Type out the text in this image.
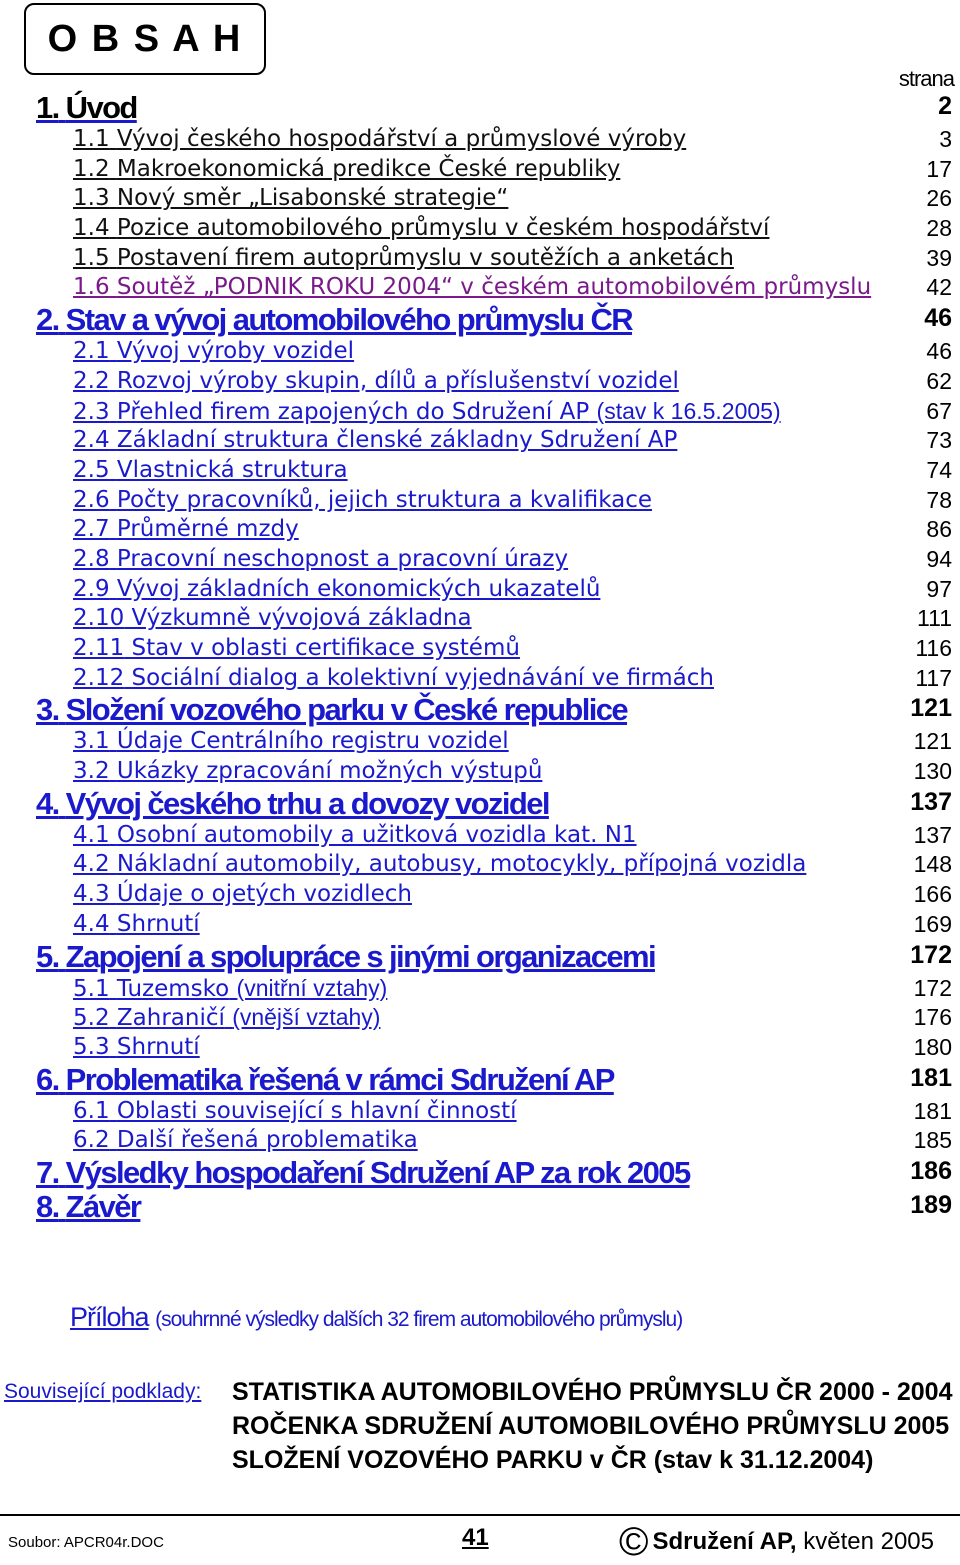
O B S A H
strana
1. Úvod	2
1.1 Vývoj českého hospodářství a průmyslové výroby	3
1.2 Makroekonomická predikce České republiky	17
1.3 Nový směr „Lisabonské strategie“	26
1.4 Pozice automobilového průmyslu v českém hospodářství	28
1.5 Postavení firem autoprůmyslu v soutěžích a anketách	39
1.6 Soutěž „PODNIK ROKU 2004“ v českém automobilovém průmyslu 42
2. Stav a vývoj automobilového průmyslu ČR	46
2.1 Vývoj výroby vozidel	46
2.2 Rozvoj výroby skupin, dílů a příslušenství vozidel	62
2.3 Přehled firem zapojených do Sdružení AP (stav k 16.5.2005)	67
2.4 Základní struktura členské základny Sdružení AP	73
2.5 Vlastnická struktura	74
2.6 Počty pracovníků, jejich struktura a kvalifikace	78
2.7 Průměrné mzdy	86
2.8 Pracovní neschopnost a pracovní úrazy	94
2.9 Vývoj základních ekonomických ukazatelů	97
2.10 Výzkumně vývojová základna	111
2.11 Stav v oblasti certifikace systémů	116
2.12 Sociální dialog a kolektivní vyjednávání ve firmách	117
3. Složení vozového parku v České republice	121
3.1 Údaje Centrálního registru vozidel	121
3.2 Ukázky zpracování možných výstupů	130
4. Vývoj českého trhu a dovozy vozidel	137
4.1 Osobní automobily a užitková vozidla kat. N1	137
4.2 Nákladní automobily, autobusy, motocykly, přípojná vozidla	148
4.3 Údaje o ojetých vozidlech	166
4.4 Shrnutí	169
5. Zapojení a spolupráce s jinými organizacemi	172
5.1 Tuzemsko (vnitřní vztahy)	172
5.2 Zahraničí (vnější vztahy)	176
5.3 Shrnutí	180
6. Problematika řešená v rámci Sdružení AP	181
6.1 Oblasti související s hlavní činností	181
6.2 Další řešená problematika	185
7. Výsledky hospodaření Sdružení AP za rok 2005	186
8. Závěr	189
Příloha (souhrnné výsledky dalších 32 firem automobilového průmyslu)
Související podklady: STATISTIKA AUTOMOBILOVÉHO PRŮMYSLU ČR 2000 - 2004
ROČENKA SDRUŽENÍ AUTOMOBILOVÉHO PRŮMYSLU 2005
SLOŽENÍ VOZOVÉHO PARKU v ČR (stav k 31.12.2004)
Soubor: APCR04r.DOC	41	© Sdružení AP, květen 2005
